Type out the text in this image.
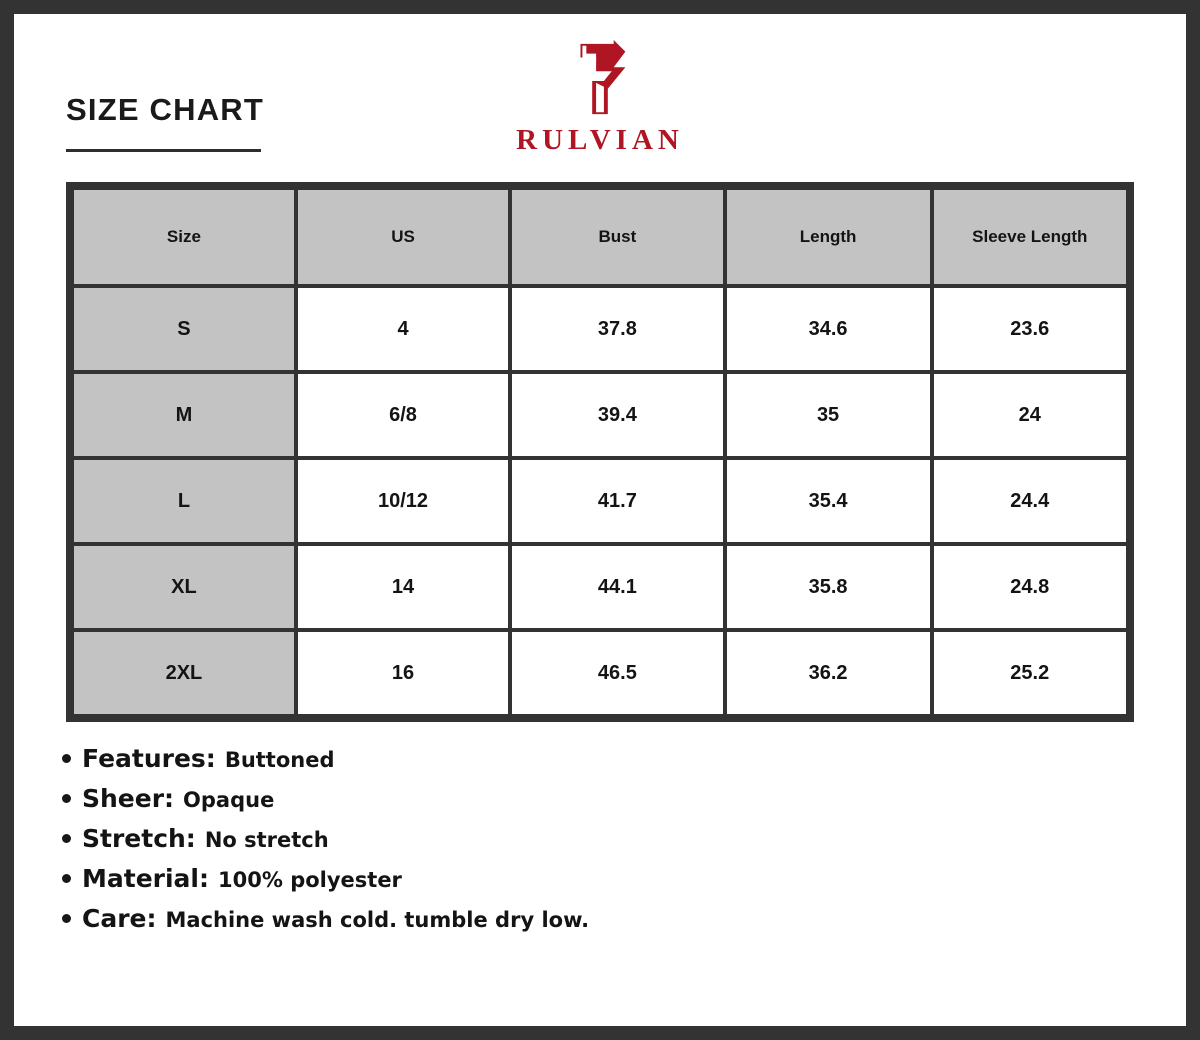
SIZE CHART
RULVIAN
Size	US	Bust	Length	Sleeve Length
S	4	37.8	34.6	23.6
M	6/8	39.4	35	24
L	10/12	41.7	35.4	24.4
XL	14	44.1	35.8	24.8
2XL	16	46.5	36.2	25.2
Features: Buttoned
Sheer: Opaque
Stretch: No stretch
Material: 100% polyester
Care: Machine wash cold. tumble dry low.
